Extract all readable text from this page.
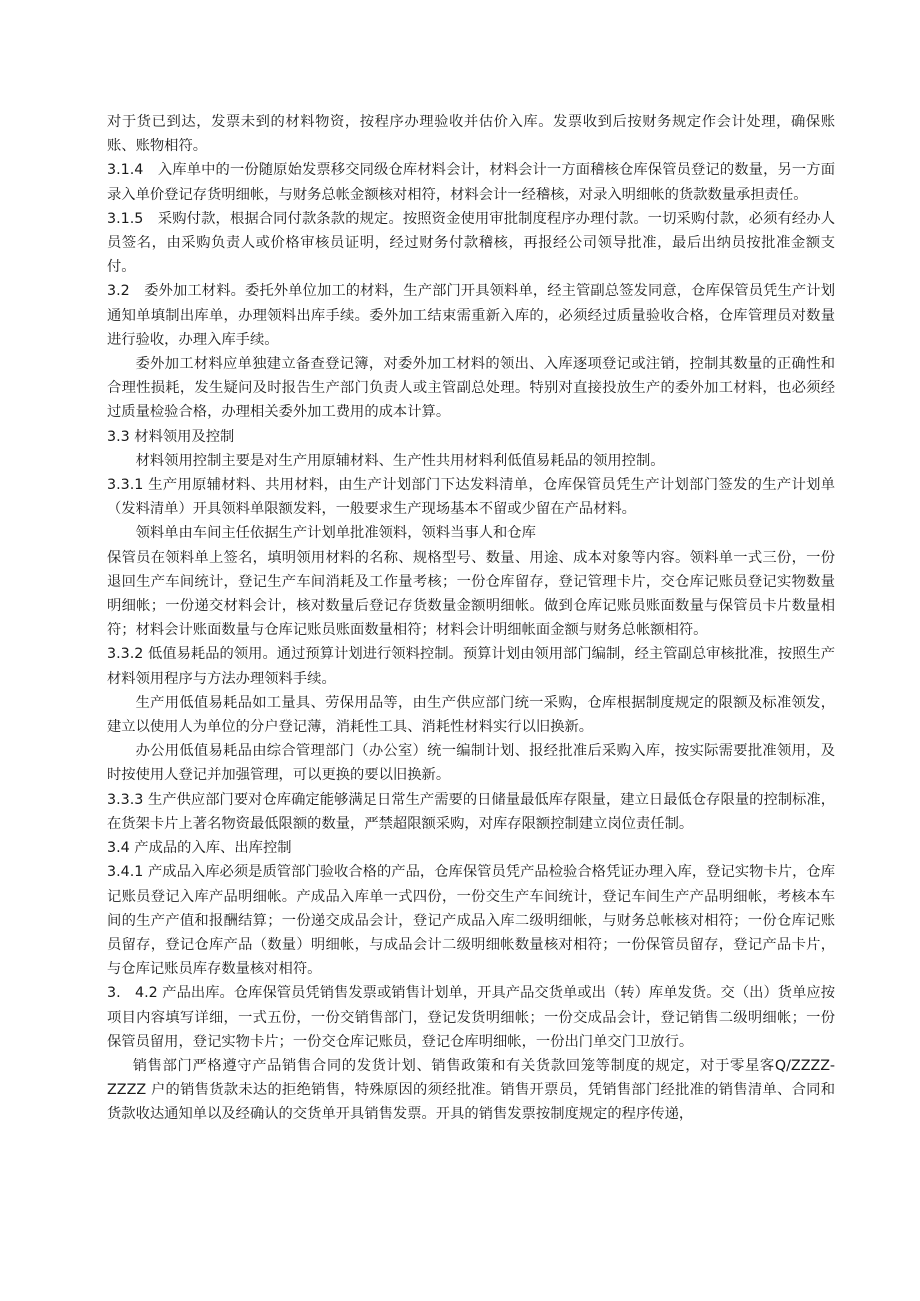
对于货已到达，发票未到的材料物资，按程序办理验收并估价入库。发票收到后按财务规定作会计处理，确保账账、账物相符。

3.1.4　入库单中的一份随原始发票移交同级仓库材料会计，材料会计一方面稽核仓库保管员登记的数量，另一方面录入单价登记存货明细帐，与财务总帐金额核对相符，材料会计一经稽核，对录入明细帐的货款数量承担责任。

3.1.5　采购付款，根据合同付款条款的规定。按照资金使用审批制度程序办理付款。一切采购付款，必须有经办人员签名，由采购负责人或价格审核员证明，经过财务付款稽核，再报经公司领导批准，最后出纳员按批准金额支付。

3.2　委外加工材料。委托外单位加工的材料，生产部门开具领料单，经主管副总签发同意，仓库保管员凭生产计划通知单填制出库单，办理领料出库手续。委外加工结束需重新入库的，必须经过质量验收合格，仓库管理员对数量进行验收，办理入库手续。

委外加工材料应单独建立备查登记簿，对委外加工材料的领出、入库逐项登记或注销，控制其数量的正确性和合理性损耗，发生疑问及时报告生产部门负责人或主管副总处理。特别对直接投放生产的委外加工材料，也必须经过质量检验合格，办理相关委外加工费用的成本计算。

3.3 材料领用及控制

材料领用控制主要是对生产用原辅材料、生产性共用材料利低值易耗品的领用控制。

3.3.1 生产用原辅材料、共用材料，由生产计划部门下达发料清单，仓库保管员凭生产计划部门签发的生产计划单（发料清单）开具领料单限额发料，一般要求生产现场基本不留或少留在产品材料。

领料单由车间主任依据生产计划单批准领料，领料当事人和仓库

保管员在领料单上签名，填明领用材料的名称、规格型号、数量、用途、成本对象等内容。领料单一式三份，一份退回生产车间统计，登记生产车间消耗及工作量考核；一份仓库留存，登记管理卡片，交仓库记账员登记实物数量明细帐；一份递交材料会计，核对数量后登记存货数量金额明细帐。做到仓库记账员账面数量与保管员卡片数量相符；材料会计账面数量与仓库记账员账面数量相符；材料会计明细帐面金额与财务总帐额相符。

3.3.2 低值易耗品的领用。通过预算计划进行领料控制。预算计划由领用部门编制，经主管副总审核批准，按照生产材料领用程序与方法办理领料手续。

生产用低值易耗品如工量具、劳保用品等，由生产供应部门统一采购，仓库根据制度规定的限额及标准领发，建立以使用人为单位的分户登记薄，消耗性工具、消耗性材料实行以旧换新。

办公用低值易耗品由综合管理部门（办公室）统一编制计划、报经批准后采购入库，按实际需要批准领用，及时按使用人登记并加强管理，可以更换的要以旧换新。

3.3.3 生产供应部门要对仓库确定能够满足日常生产需要的日储量最低库存限量，建立日最低仓存限量的控制标准，在货架卡片上著名物资最低限额的数量，严禁超限额采购，对库存限额控制建立岗位责任制。

3.4 产成品的入库、出库控制

3.4.1 产成品入库必须是质管部门验收合格的产品，仓库保管员凭产品检验合格凭证办理入库，登记实物卡片，仓库记账员登记入库产品明细帐。产成品入库单一式四份，一份交生产车间统计，登记车间生产产品明细帐，考核本车间的生产产值和报酬结算；一份递交成品会计，登记产成品入库二级明细帐，与财务总帐核对相符；一份仓库记账员留存，登记仓库产品（数量）明细帐，与成品会计二级明细帐数量核对相符；一份保管员留存，登记产品卡片，与仓库记账员库存数量核对相符。

3.　4.2 产品出库。仓库保管员凭销售发票或销售计划单，开具产品交货单或出（转）库单发货。交（出）货单应按项目内容填写详细，一式五份，一份交销售部门，登记发货明细帐；一份交成品会计，登记销售二级明细帐；一份保管员留用，登记实物卡片；一份交仓库记账员，登记仓库明细帐，一份出门单交门卫放行。

销售部门严格遵守产品销售合同的发货计划、销售政策和有关货款回笼等制度的规定，对于零星客Q/ZZZZ-ZZZZ 户的销售货款未达的拒绝销售，特殊原因的须经批准。销售开票员，凭销售部门经批准的销售清单、合同和货款收达通知单以及经确认的交货单开具销售发票。开具的销售发票按制度规定的程序传递，
